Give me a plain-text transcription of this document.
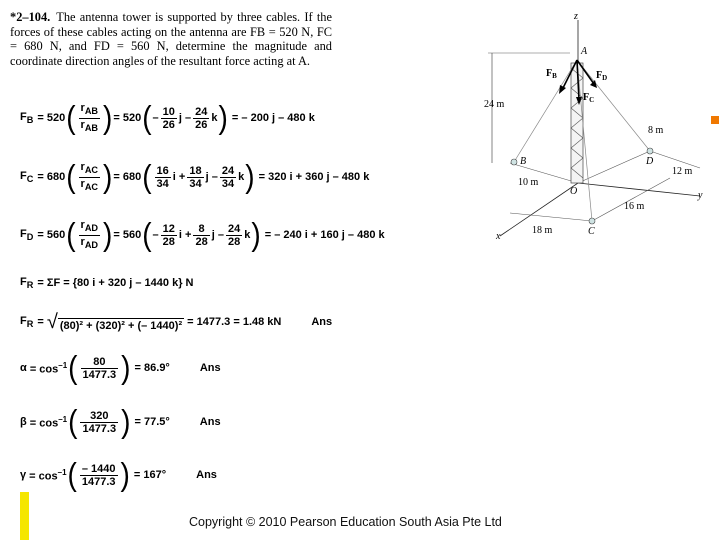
*2–104. The antenna tower is supported by three cables. If the forces of these cables acting on the antenna are FB = 520 N, FC = 680 N, and FD = 560 N, determine the magnitude and coordinate direction angles of the resultant force acting at A.
$F_B = 520$ ( $\frac{r_{AB}}{r_{AB}}$ ) = 520 ( – $\frac{10}{26}$ j – $\frac{24}{26}$ k ) = – 200 j – 480 k
$F_C = 680$ ( $\frac{r_{AC}}{r_{AC}}$ ) = 680 ( $\frac{16}{34}$ $i + \frac{18}{34}$ j – $\frac{24}{34}$ k ) = 320 i + 360 j – 480 k
$F_D = 560$ ( $\frac{r_{AD}}{r_{AD}}$ ) = 560 ( – $\frac{12}{28}$ $i + \frac{8}{28}$ j – $\frac{24}{28}$ k ) = – 240 i + 160 j – 480 k
$F_R = \Sigma F = \{80$ i + 320 j – 1440 k} N
$F_R$ = √ (80)² + (320)² + (– 1440)²
= 1477.3 = 1.48 kN	Ans
$\alpha = \cos^{-1}$ ( $\frac{80}{1477.3}$ )
= 86.9°	Ans
$\beta = \cos^{-1}$ ( $\frac{320}{1477.3}$ )
= 77.5°	Ans
$\gamma = \cos^{-1}$ ( $\frac{- 1440}{1477.3}$ )
= 167°	Ans
z
A
$F_B$	$F_D$
$F_C$
24 m
8 m
B	D
12 m
10 m
O	y
16 m
x
18 m	C
Copyright © 2010 Pearson Education South Asia Pte Ltd
